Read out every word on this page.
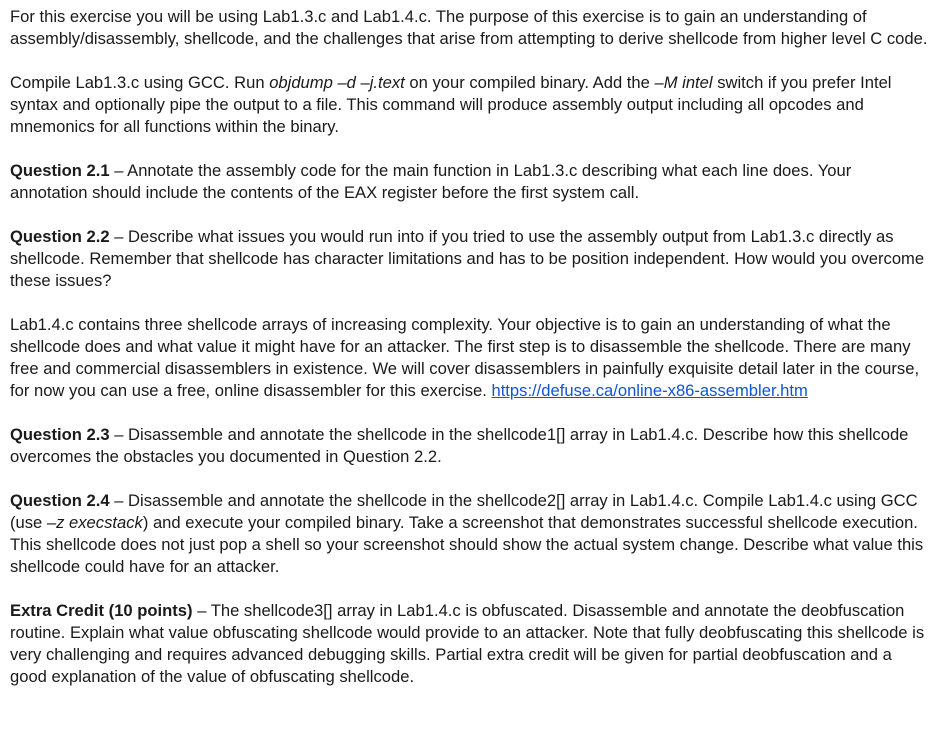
For this exercise you will be using Lab1.3.c and Lab1.4.c. The purpose of this exercise is to gain an understanding of assembly/disassembly, shellcode, and the challenges that arise from attempting to derive shellcode from higher level C code.

Compile Lab1.3.c using GCC. Run objdump –d –j.text on your compiled binary. Add the –M intel switch if you prefer Intel syntax and optionally pipe the output to a file. This command will produce assembly output including all opcodes and mnemonics for all functions within the binary.

Question 2.1 – Annotate the assembly code for the main function in Lab1.3.c describing what each line does. Your annotation should include the contents of the EAX register before the first system call.

Question 2.2 – Describe what issues you would run into if you tried to use the assembly output from Lab1.3.c directly as shellcode. Remember that shellcode has character limitations and has to be position independent. How would you overcome these issues?

Lab1.4.c contains three shellcode arrays of increasing complexity. Your objective is to gain an understanding of what the shellcode does and what value it might have for an attacker. The first step is to disassemble the shellcode. There are many free and commercial disassemblers in existence. We will cover disassemblers in painfully exquisite detail later in the course, for now you can use a free, online disassembler for this exercise. https://defuse.ca/online-x86-assembler.htm

Question 2.3 – Disassemble and annotate the shellcode in the shellcode1[] array in Lab1.4.c. Describe how this shellcode overcomes the obstacles you documented in Question 2.2.

Question 2.4 – Disassemble and annotate the shellcode in the shellcode2[] array in Lab1.4.c. Compile Lab1.4.c using GCC (use –z execstack) and execute your compiled binary. Take a screenshot that demonstrates successful shellcode execution. This shellcode does not just pop a shell so your screenshot should show the actual system change. Describe what value this shellcode could have for an attacker.

Extra Credit (10 points) – The shellcode3[] array in Lab1.4.c is obfuscated. Disassemble and annotate the deobfuscation routine. Explain what value obfuscating shellcode would provide to an attacker. Note that fully deobfuscating this shellcode is very challenging and requires advanced debugging skills. Partial extra credit will be given for partial deobfuscation and a good explanation of the value of obfuscating shellcode.
